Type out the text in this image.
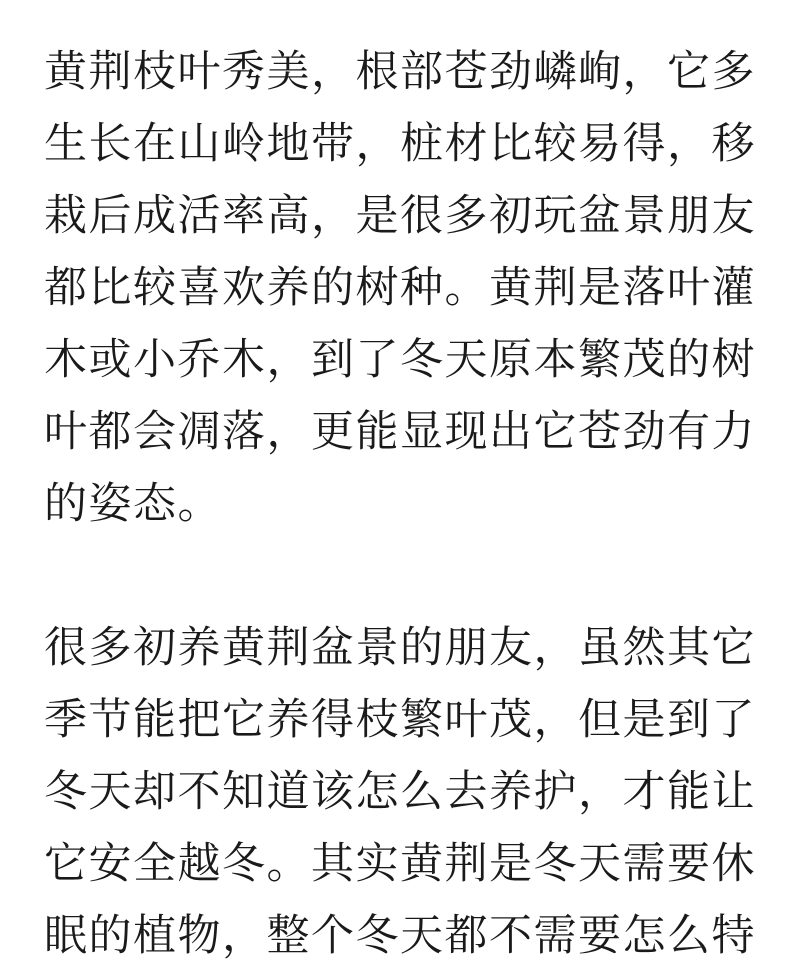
黄荆枝叶秀美，根部苍劲嶙峋，它多
生长在山岭地带，桩材比较易得，移
栽后成活率高，是很多初玩盆景朋友
都比较喜欢养的树种。黄荆是落叶灌
木或小乔木，到了冬天原本繁茂的树
叶都会凋落，更能显现出它苍劲有力
的姿态。

很多初养黄荆盆景的朋友，虽然其它
季节能把它养得枝繁叶茂，但是到了
冬天却不知道该怎么去养护，才能让
它安全越冬。其实黄荆是冬天需要休
眠的植物，整个冬天都不需要怎么特
